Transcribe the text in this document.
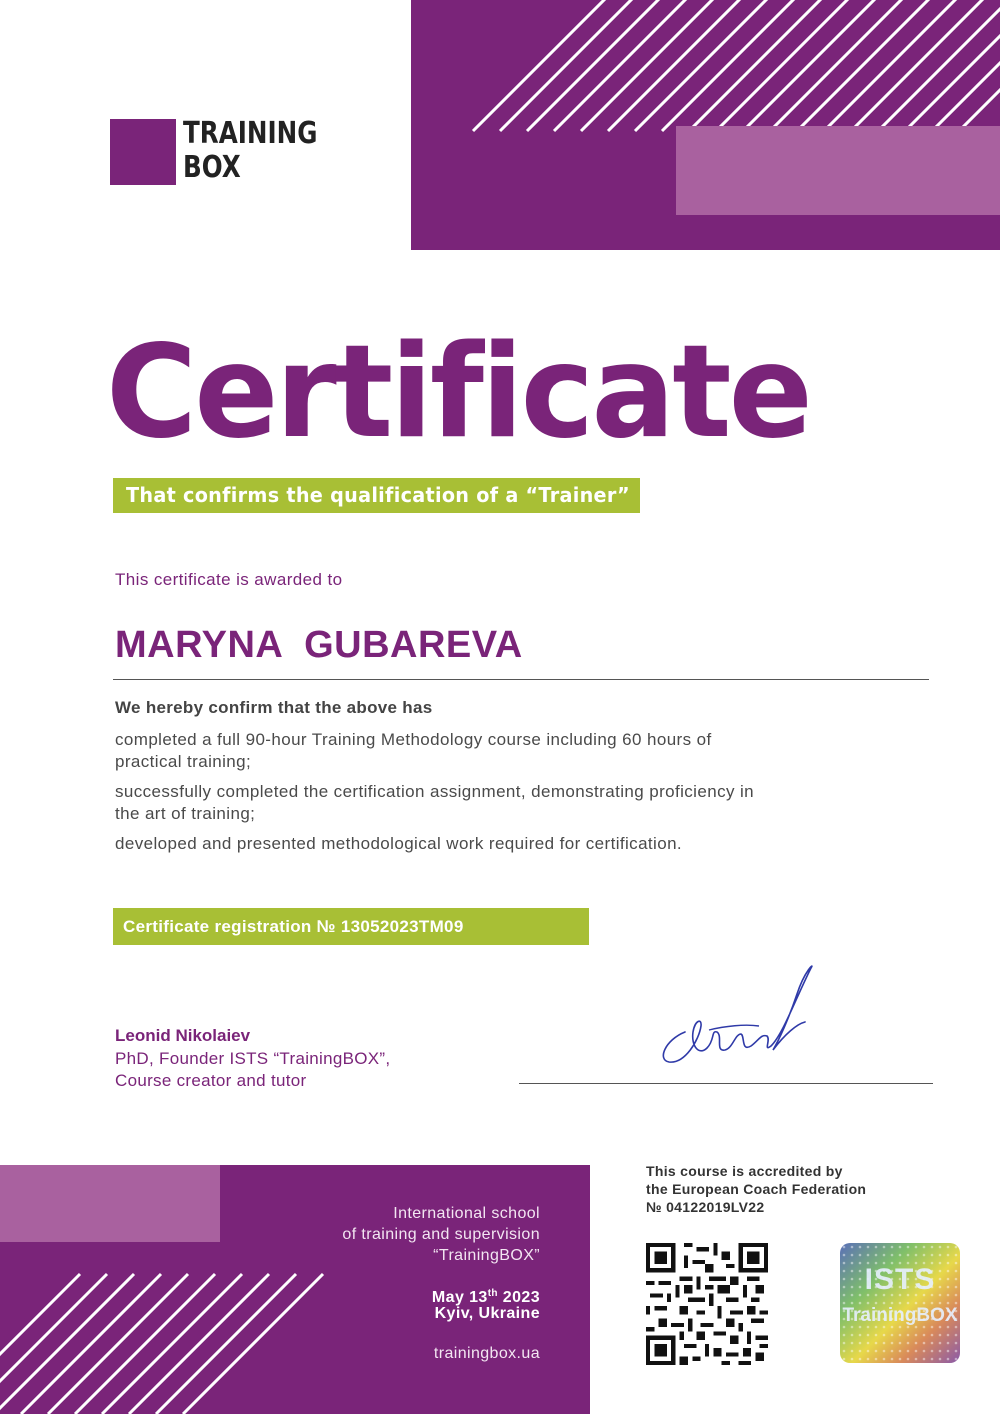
TRAINING
BOX
Certificate
That confirms the qualification of a “Trainer”
This certificate is awarded to
MARYNA  GUBAREVA
We hereby confirm that the above has
completed a full 90-hour Training Methodology course including 60 hours of practical training;
successfully completed the certification assignment, demonstrating proficiency in the art of training;
developed and presented methodological work required for certification.
Certificate registration № 13052023TM09
Leonid Nikolaiev
PhD, Founder ISTS “TrainingBOX”,
Course creator and tutor
International school
of training and supervision
“TrainingBOX”
May 13th 2023
Kyiv, Ukraine
trainingbox.ua
This course is accredited by
the European Coach Federation
№ 04122019LV22
ISTS
TrainingBOX
